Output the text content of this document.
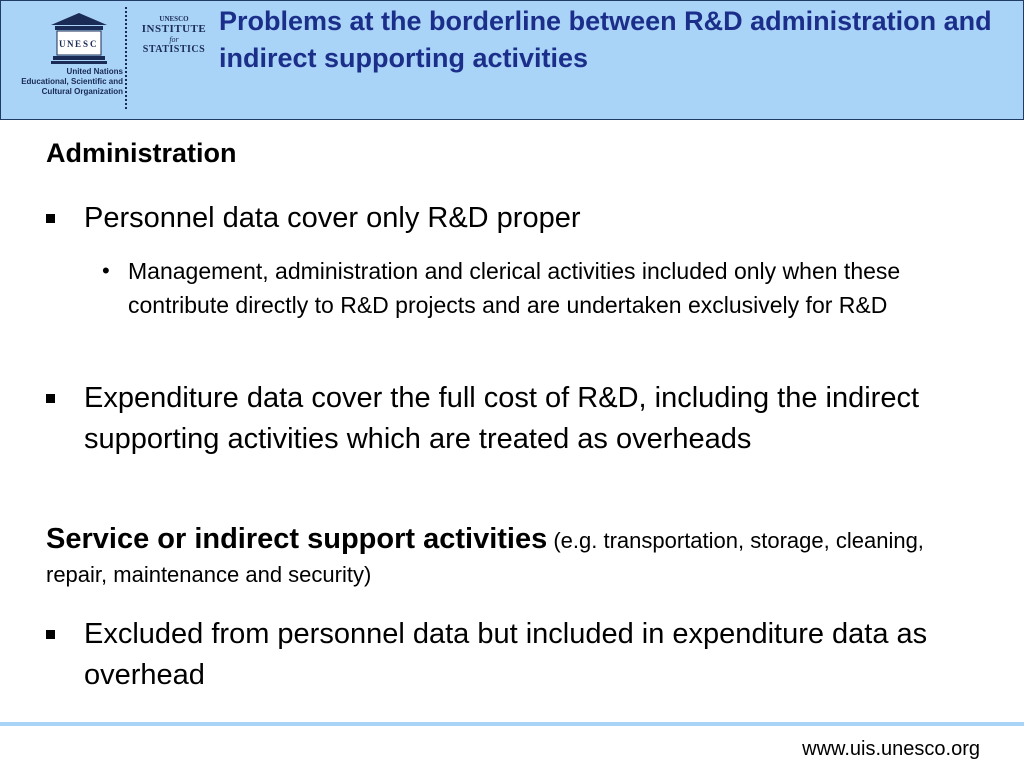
U N E S C
United Nations
Educational, Scientific and
Cultural Organization
UNESCO
INSTITUTE
for
STATISTICS
Problems at the borderline between R&D administration and indirect supporting activities
Administration
Personnel data cover only R&D proper
• Management, administration and clerical activities included only when these contribute directly to R&D projects and are undertaken exclusively for R&D
Expenditure data cover the full cost of R&D, including the indirect supporting activities which are treated as overheads
Service or indirect support activities (e.g. transportation, storage, cleaning, repair, maintenance and security)
Excluded from personnel data but included in expenditure data as overhead
www.uis.unesco.org
